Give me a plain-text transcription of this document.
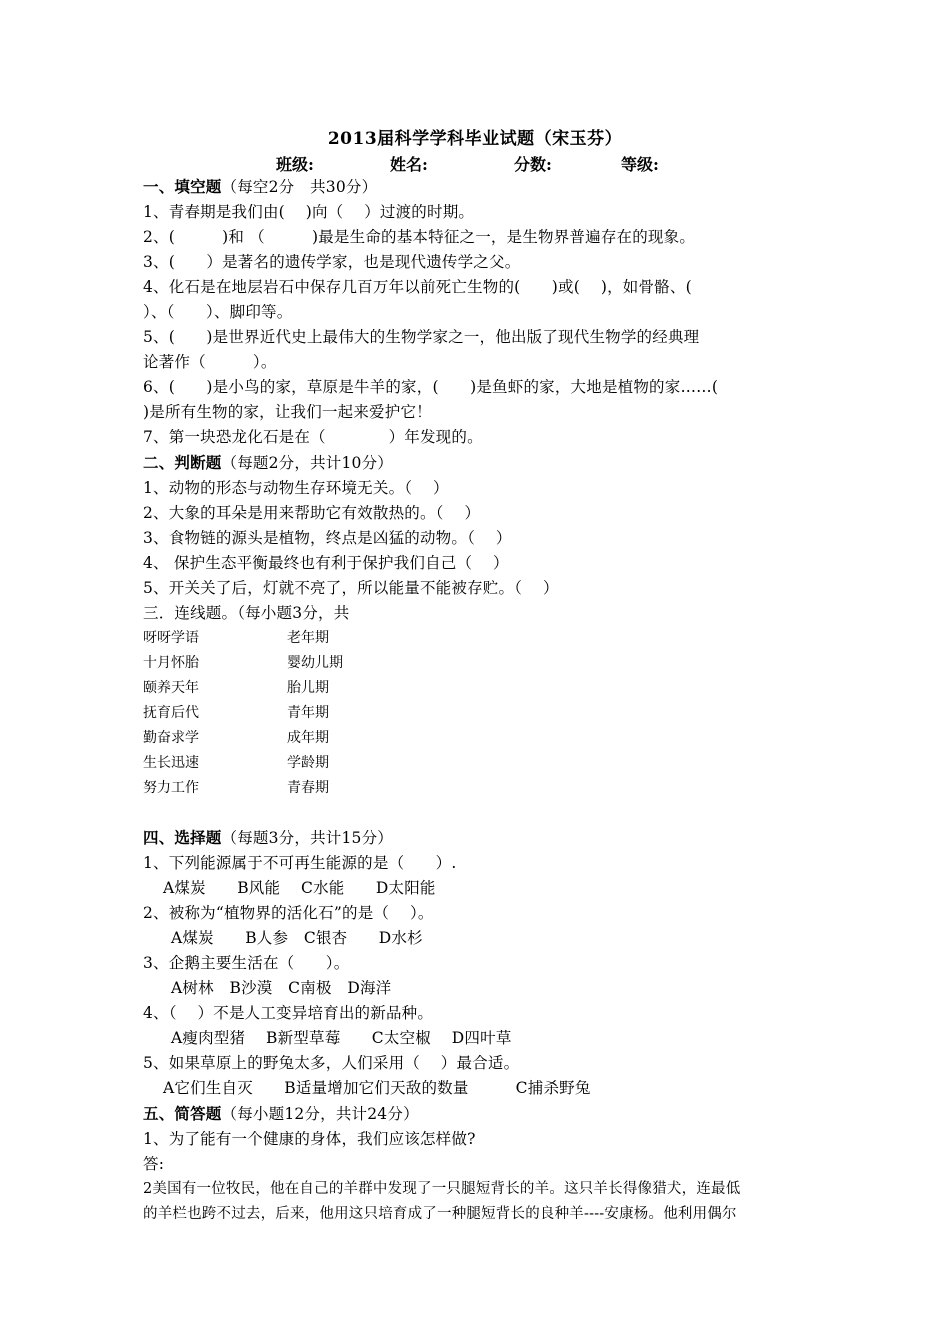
2013届科学学科毕业试题（宋玉芬）
班级:	姓名:	分数:	等级:
一、填空题（每空2分　共30分）
1、青春期是我们由(　 )向（　 ）过渡的时期。
2、(　　　)和 （　　　)最是生命的基本特征之一，是生物界普遍存在的现象。
3、(　　）是著名的遗传学家，也是现代遗传学之父。
4、化石是在地层岩石中保存几百万年以前死亡生物的(　　)或(　 )，如骨骼、(
）、（　　）、脚印等。
5、(　　)是世界近代史上最伟大的生物学家之一，他出版了现代生物学的经典理
论著作（　　　）。
6、(　　)是小鸟的家，草原是牛羊的家，(　　)是鱼虾的家，大地是植物的家……(
)是所有生物的家，让我们一起来爱护它！
7、第一块恐龙化石是在（　　　　）年发现的。
二、判断题（每题2分，共计10分）
1、动物的形态与动物生存环境无关。（　 ）
2、大象的耳朵是用来帮助它有效散热的。（　 ）
3、食物链的源头是植物，终点是凶猛的动物。（　 ）
4、 保护生态平衡最终也有利于保护我们自己（　 ）
5、开关关了后，灯就不亮了，所以能量不能被存贮。（　 ）
三．连线题。（每小题3分，共
呀呀学语	老年期
十月怀胎	婴幼儿期
颐养天年	胎儿期
抚育后代	青年期
勤奋求学	成年期
生长迅速	学龄期
努力工作	青春期
四、选择题（每题3分，共计15分）
1、下列能源属于不可再生能源的是（　　）.
A煤炭　　B风能　 C水能　　D太阳能
2、被称为“植物界的活化石”的是（　 ）。
A煤炭　　B人参　C银杏　　D水杉
3、企鹅主要生活在（　　）。
A树林　B沙漠　C南极　D海洋
4、（　 ）不是人工变异培育出的新品种。
A瘦肉型猪　 B新型草莓　　C太空椒　 D四叶草
5、如果草原上的野兔太多，人们采用（　 ）最合适。
A它们生自灭　　B适量增加它们天敌的数量　　　C捕杀野兔
五、简答题（每小题12分，共计24分）
1、为了能有一个健康的身体，我们应该怎样做?
答:
2美国有一位牧民，他在自己的羊群中发现了一只腿短背长的羊。这只羊长得像猎犬，连最低
的羊栏也跨不过去，后来，他用这只培育成了一种腿短背长的良种羊----安康杨。他利用偶尔
